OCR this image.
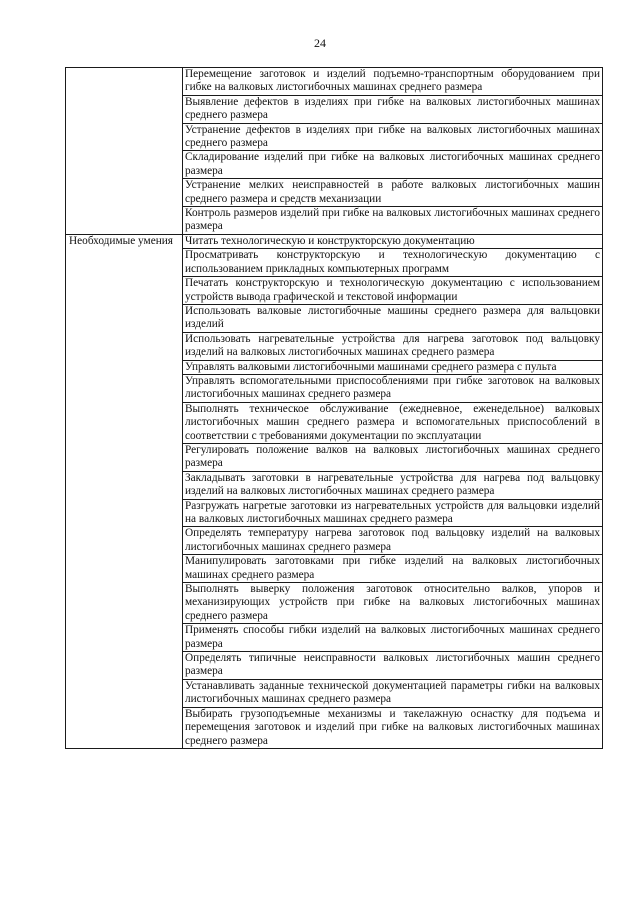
24
	Перемещение заготовок и изделий подъемно-транспортным оборудованием при гибке на валковых листогибочных машинах среднего размера
	Выявление дефектов в изделиях при гибке на валковых листогибочных машинах среднего размера
	Устранение дефектов в изделиях при гибке на валковых листогибочных машинах среднего размера
	Складирование изделий при гибке на валковых листогибочных машинах среднего размера
	Устранение мелких неисправностей в работе валковых листогибочных машин среднего размера и средств механизации
	Контроль размеров изделий при гибке на валковых листогибочных машинах среднего размера
Необходимые умения	Читать технологическую и конструкторскую документацию
	Просматривать конструкторскую и технологическую документацию с использованием прикладных компьютерных программ
	Печатать конструкторскую и технологическую документацию с использованием устройств вывода графической и текстовой информации
	Использовать валковые листогибочные машины среднего размера для вальцовки изделий
	Использовать нагревательные устройства для нагрева заготовок под вальцовку изделий на валковых листогибочных машинах среднего размера
	Управлять валковыми листогибочными машинами среднего размера с пульта
	Управлять вспомогательными приспособлениями при гибке заготовок на валковых листогибочных машинах среднего размера
	Выполнять техническое обслуживание (ежедневное, еженедельное) валковых листогибочных машин среднего размера и вспомогательных приспособлений в соответствии с требованиями документации по эксплуатации
	Регулировать положение валков на валковых листогибочных машинах среднего размера
	Закладывать заготовки в нагревательные устройства для нагрева под вальцовку изделий на валковых листогибочных машинах среднего размера
	Разгружать нагретые заготовки из нагревательных устройств для вальцовки изделий на валковых листогибочных машинах среднего размера
	Определять температуру нагрева заготовок под вальцовку изделий на валковых листогибочных машинах среднего размера
	Манипулировать заготовками при гибке изделий на валковых листогибочных машинах среднего размера
	Выполнять выверку положения заготовок относительно валков, упоров и механизирующих устройств при гибке на валковых листогибочных машинах среднего размера
	Применять способы гибки изделий на валковых листогибочных машинах среднего размера
	Определять типичные неисправности валковых листогибочных машин среднего размера
	Устанавливать заданные технической документацией параметры гибки на валковых листогибочных машинах среднего размера
	Выбирать грузоподъемные механизмы и такелажную оснастку для подъема и перемещения заготовок и изделий при гибке на валковых листогибочных машинах среднего размера
